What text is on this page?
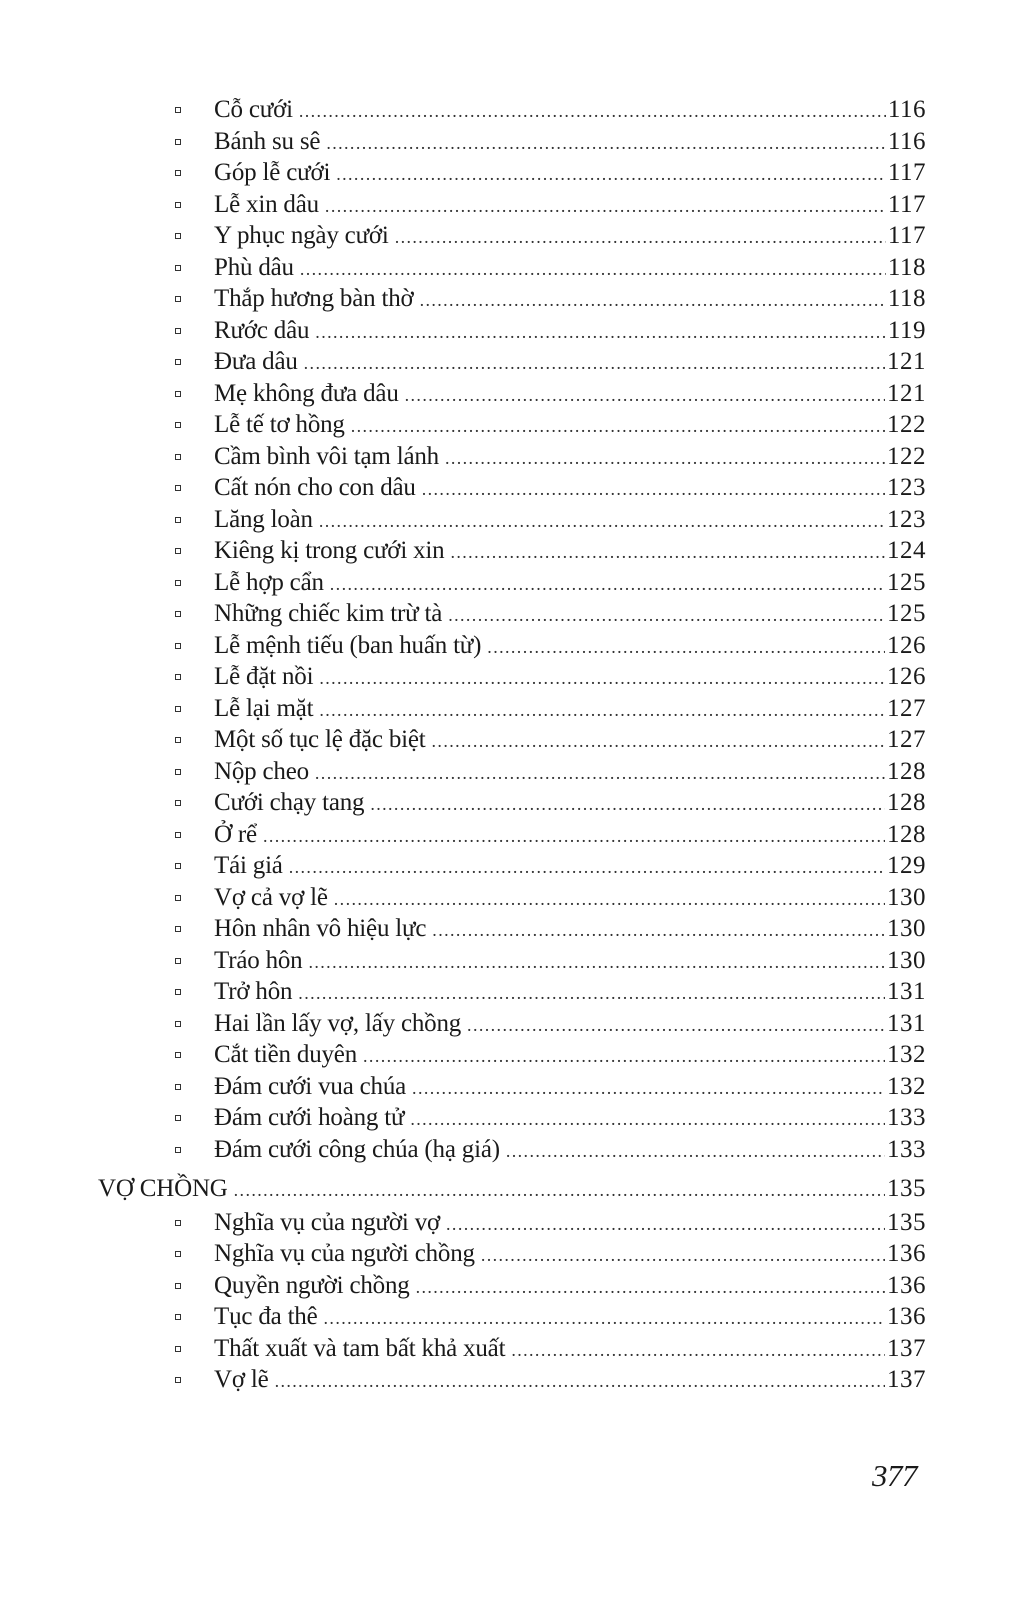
Cỗ cưới .....	116
Bánh su sê .....	116
Góp lễ cưới .....	117
Lễ xin dâu .....	117
Y phục ngày cưới .....	117
Phù dâu .....	118
Thắp hương bàn thờ .....	118
Rước dâu .....	119
Đưa dâu .....	121
Mẹ không đưa dâu .....	121
Lễ tế tơ hồng .....	122
Cầm bình vôi tạm lánh .....	122
Cất nón cho con dâu .....	123
Lăng loàn .....	123
Kiêng kị trong cưới xin .....	124
Lễ hợp cẩn .....	125
Những chiếc kim trừ tà .....	125
Lễ mệnh tiếu (ban huấn từ) .....	126
Lễ đặt nồi .....	126
Lễ lại mặt .....	127
Một số tục lệ đặc biệt .....	127
Nộp cheo .....	128
Cưới chạy tang .....	128
Ở rể .....	128
Tái giá .....	129
Vợ cả vợ lẽ .....	130
Hôn nhân vô hiệu lực .....	130
Tráo hôn .....	130
Trở hôn .....	131
Hai lần lấy vợ, lấy chồng .....	131
Cắt tiền duyên .....	132
Đám cưới vua chúa .....	132
Đám cưới hoàng tử .....	133
Đám cưới công chúa (hạ giá) .....	133
VỢ CHỒNG .....	135
Nghĩa vụ của người vợ .....	135
Nghĩa vụ của người chồng .....	136
Quyền người chồng .....	136
Tục đa thê .....	136
Thất xuất và tam bất khả xuất .....	137
Vợ lẽ .....	137
377
